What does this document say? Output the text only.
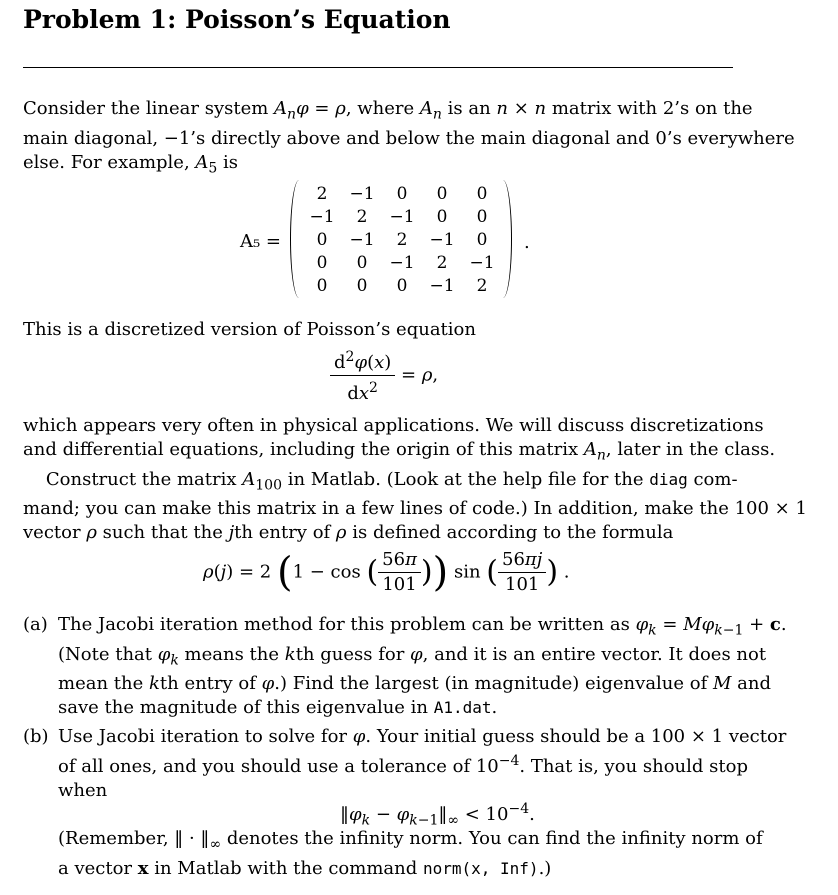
Problem 1: Poisson’s Equation
Consider the linear system $A_n\varphi = \rho$, where $A_n$ is an n × n matrix with 2’s on the
main diagonal, −1’s directly above and below the main diagonal and 0’s everywhere
else. For example, $A_5$ is
A₅ =
2	−1	0	0	0
−1	2	−1	0	0
0	−1	2	−1	0
0	0	−1	2	−1
0	0	0	−1	2
.
This is a discretized version of Poisson’s equation
$\frac{d^2\varphi(x)}{dx^2} = \rho$,
which appears very often in physical applications. We will discuss discretizations
and differential equations, including the origin of this matrix $A_n$, later in the class.
Construct the matrix $A_{100}$ in Matlab. (Look at the help file for the diag com-
mand; you can make this matrix in a few lines of code.) In addition, make the 100 × 1
vector ρ such that the jth entry of ρ is defined according to the formula
ρ(j) = 2 (1 − cos ( $\frac{56\pi}{101}$ )) sin ( $\frac{56\pi j}{101}$ ) .
(a) The Jacobi iteration method for this problem can be written as $\varphi_k = M\varphi_{k-1} + c$.
(Note that $\varphi_k$ means the kth guess for φ, and it is an entire vector. It does not
mean the kth entry of φ.) Find the largest (in magnitude) eigenvalue of M and
save the magnitude of this eigenvalue in A1.dat.
(b) Use Jacobi iteration to solve for φ. Your initial guess should be a 100 × 1 vector
of all ones, and you should use a tolerance of $10^{-4}$. That is, you should stop
when
$‖\varphi_k$ − $\varphi_{k-1}‖_\infty < 10^{-4}$.
(Remember, ‖ · $‖_\infty$ denotes the infinity norm. You can find the infinity norm of
a vector x in Matlab with the command norm(x, Inf).)
